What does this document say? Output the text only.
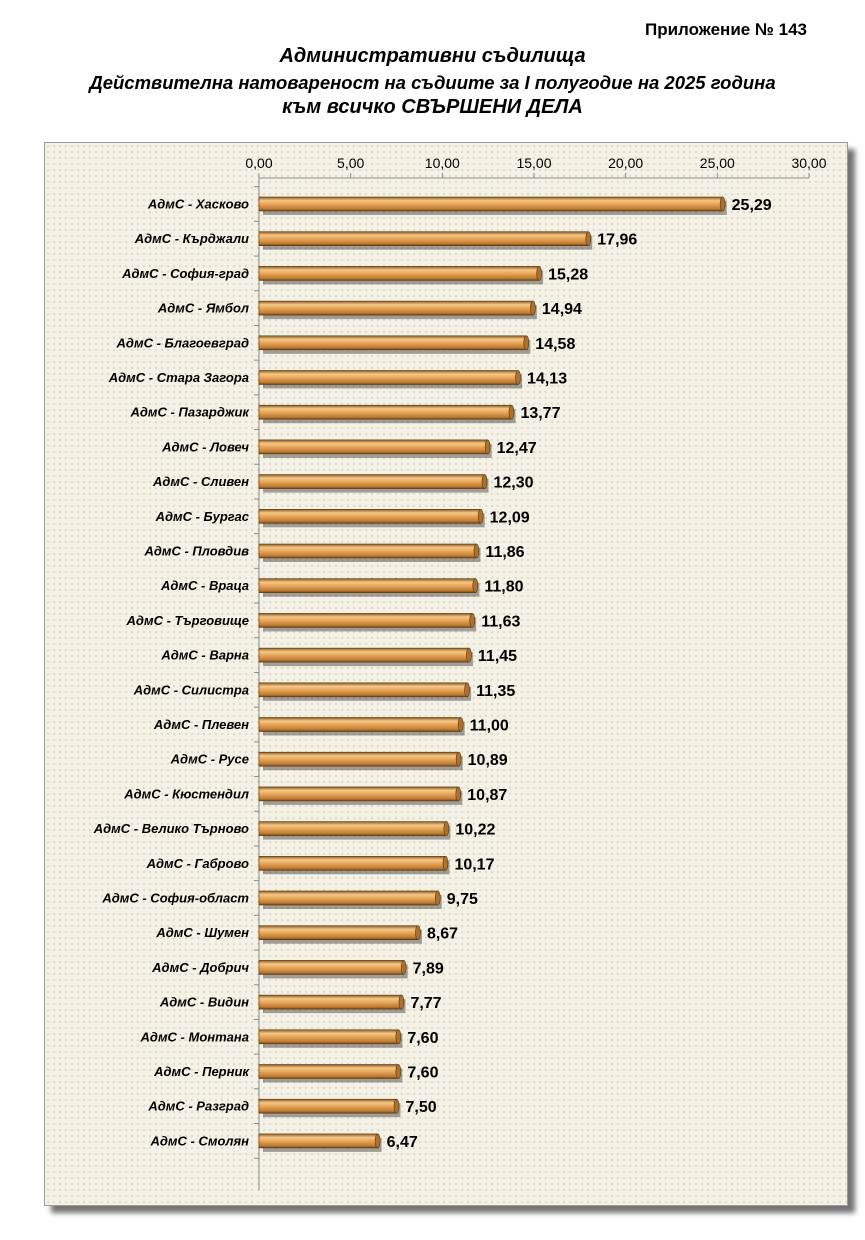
Приложение № 143
Административни съдилища
Действителна натовареност на съдиите за I полугодие на 2025 година
към всичко СВЪРШЕНИ ДЕЛА
0,00	5,00	10,00	15,00	20,00	25,00	30,00
АдмС - Хасково	25,29
АдмС - Кърджали	17,96
АдмС - София-град	15,28
АдмС - Ямбол	14,94
АдмС - Благоевград	14,58
АдмС - Стара Загора	14,13
АдмС - Пазарджик	13,77
АдмС - Ловеч	12,47
АдмС - Сливен	12,30
АдмС - Бургас	12,09
АдмС - Пловдив	11,86
АдмС - Враца	11,80
АдмС - Търговище	11,63
АдмС - Варна	11,45
АдмС - Силистра	11,35
АдмС - Плевен	11,00
АдмС - Русе	10,89
АдмС - Кюстендил	10,87
АдмС - Велико Търново	10,22
АдмС - Габрово	10,17
АдмС - София-област	9,75
АдмС - Шумен	8,67
АдмС - Добрич	7,89
АдмС - Видин	7,77
АдмС - Монтана	7,60
АдмС - Перник	7,60
АдмС - Разград	7,50
АдмС - Смолян	6,47
